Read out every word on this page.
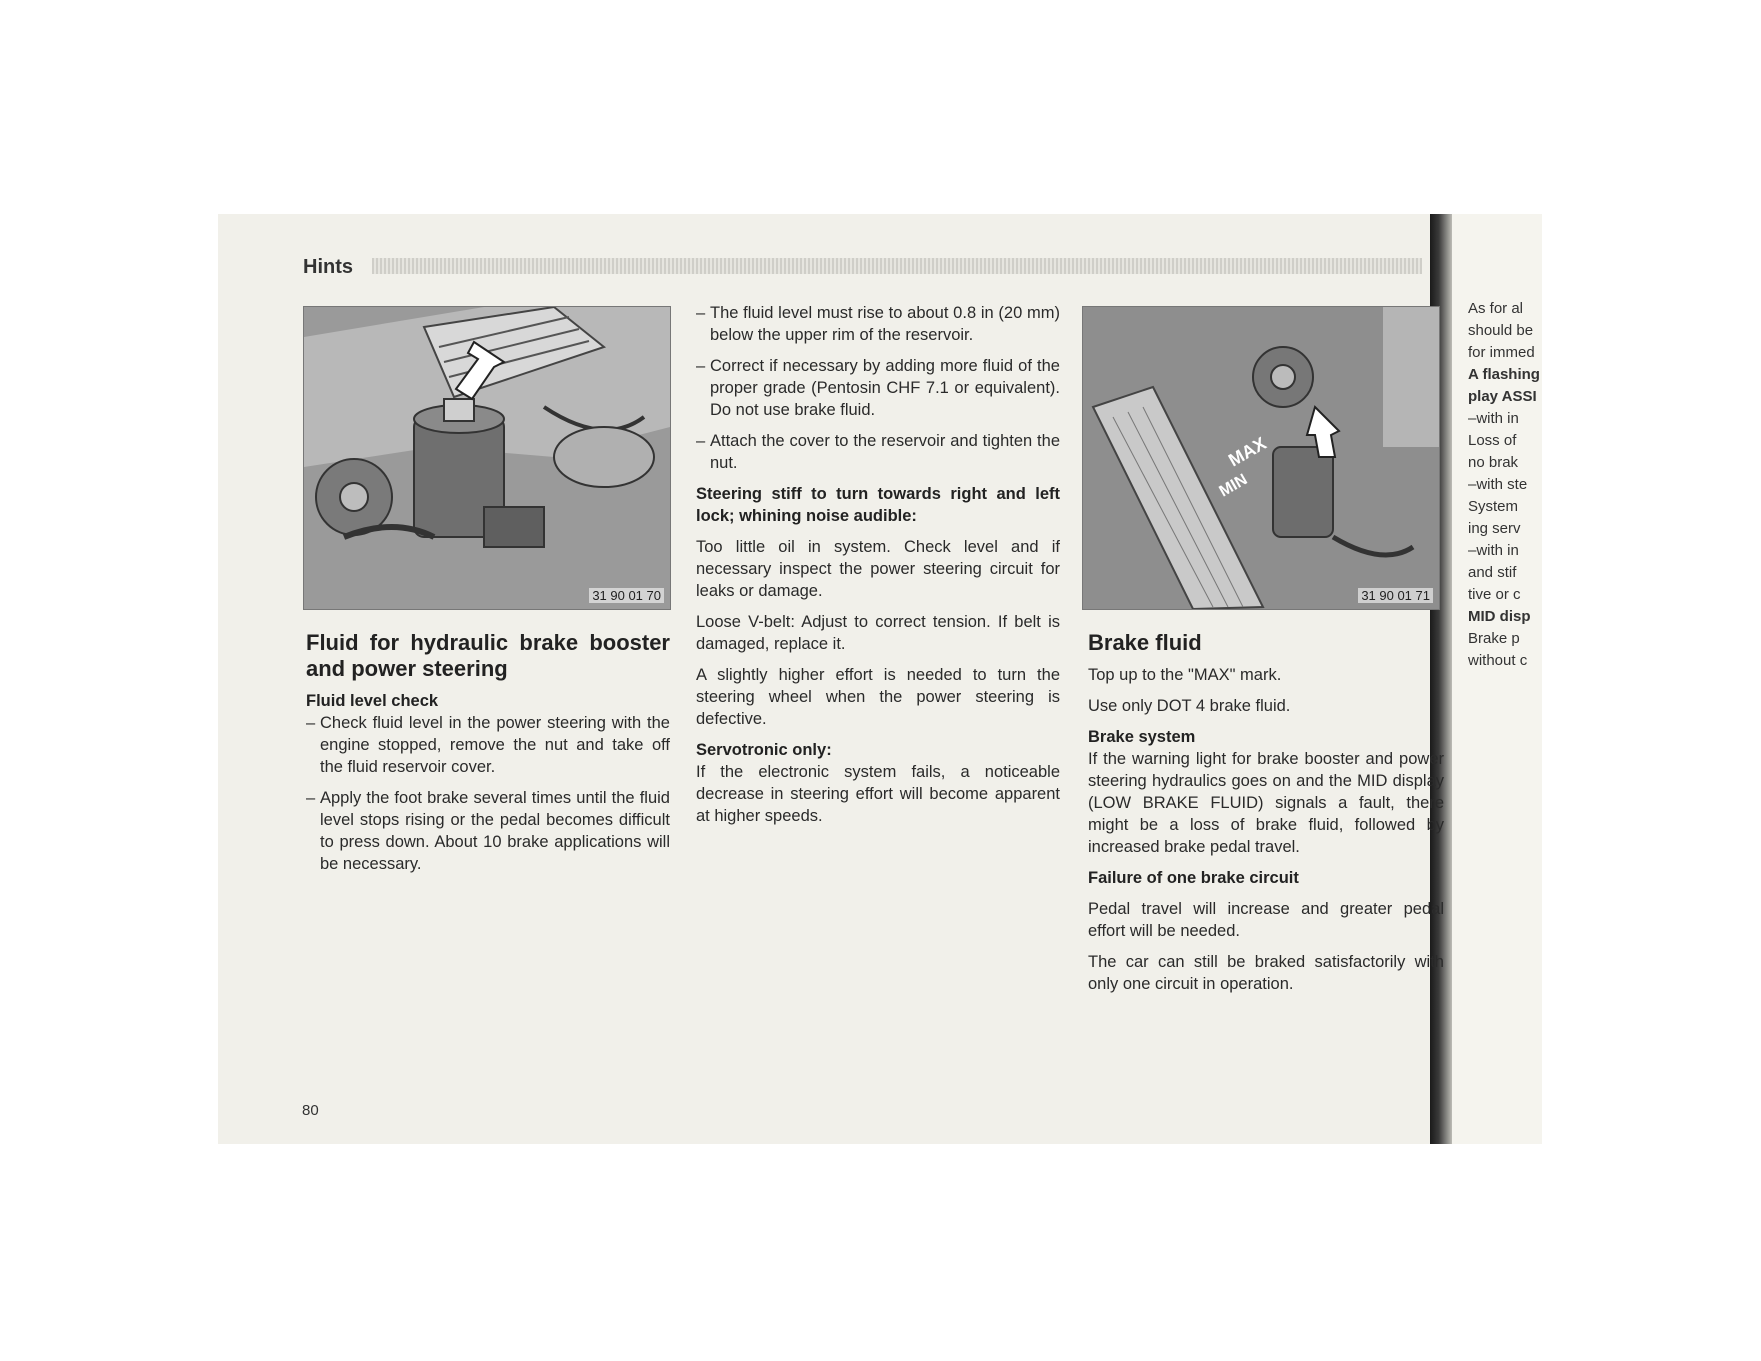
Hints
31 90 01 70
MAX
MIN
31 90 01 71
Fluid for hydraulic brake booster and power steering
Fluid level check
– Check fluid level in the power steering with the engine stopped, remove the nut and take off the fluid reservoir cover.
– Apply the foot brake several times until the fluid level stops rising or the pedal becomes difficult to press down. About 10 brake applications will be necessary.
– The fluid level must rise to about 0.8 in (20 mm) below the upper rim of the reservoir.
– Correct if necessary by adding more fluid of the proper grade (Pentosin CHF 7.1 or equivalent). Do not use brake fluid.
– Attach the cover to the reservoir and tighten the nut.
Steering stiff to turn towards right and left lock; whining noise audible:

Too little oil in system. Check level and if necessary inspect the power steering circuit for leaks or damage.

Loose V-belt: Adjust to correct tension. If belt is damaged, replace it.

A slightly higher effort is needed to turn the steering wheel when the power steering is defective.

Servotronic only:

If the electronic system fails, a noticeable decrease in steering effort will become apparent at higher speeds.

Brake fluid

Top up to the "MAX" mark.

Use only DOT 4 brake fluid.

Brake system

If the warning light for brake booster and power steering hydraulics goes on and the MID display (LOW BRAKE FLUID) signals a fault, there might be a loss of brake fluid, followed by increased brake pedal travel.

Failure of one brake circuit

Pedal travel will increase and greater pedal effort will be needed.

The car can still be braked satisfactorily with only one circuit in operation.

As for al
should be
for immed
A flashing
play ASSI
–with in
Loss of
no brak
–with ste
System
ing serv
–with in
and stif
tive or c
MID disp
Brake p
without c
80
